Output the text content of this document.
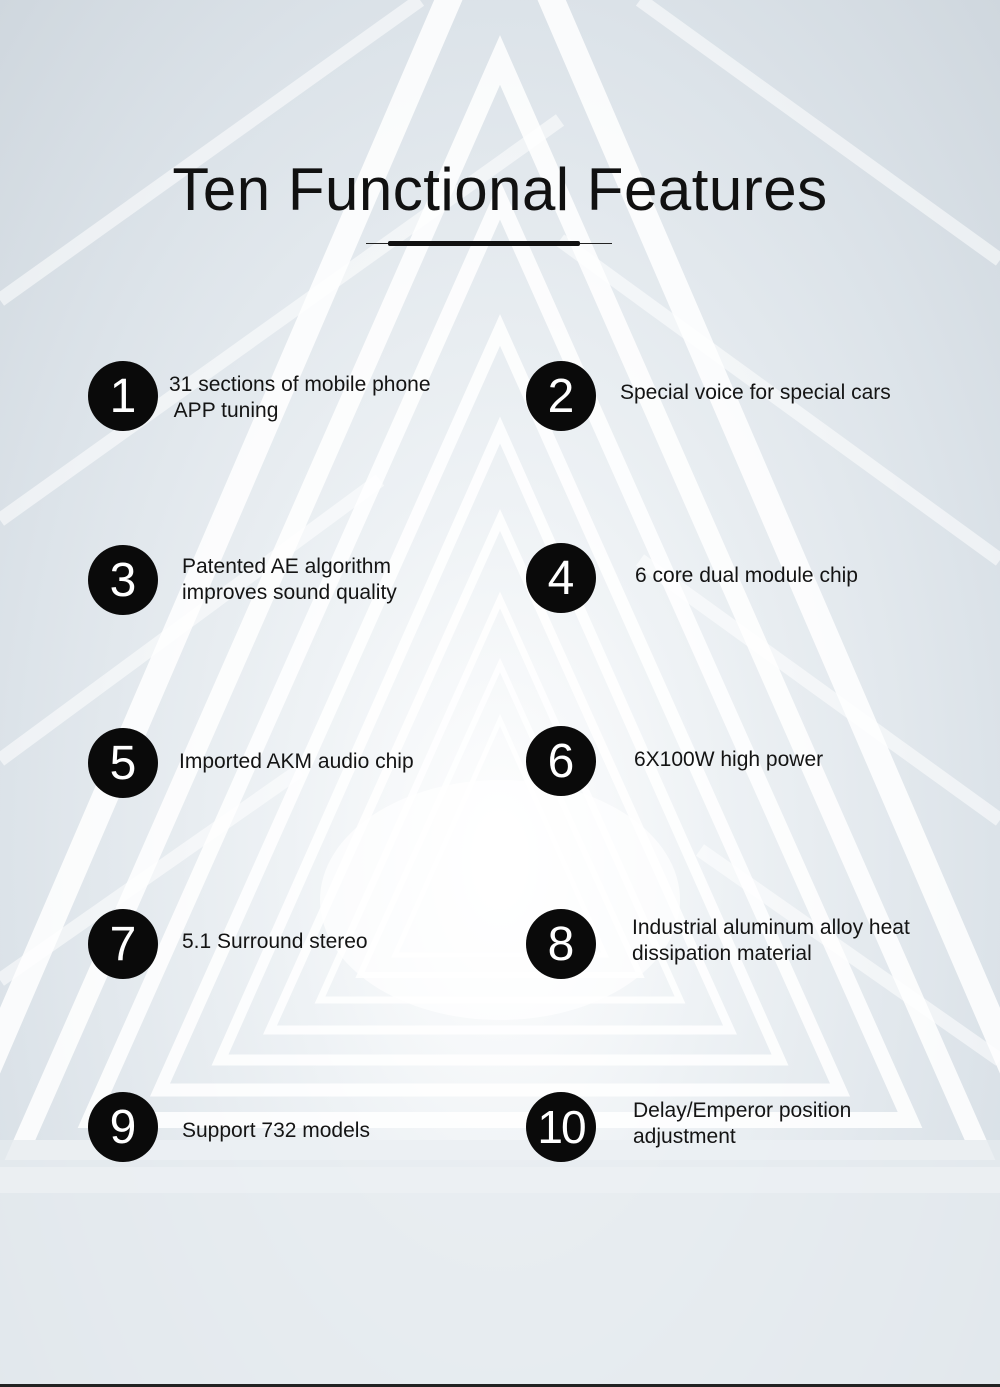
Ten Functional Features
1	31 sections of mobile phone
APP tuning	2	Special voice for special cars
3	Patented AE algorithm
improves sound quality	4	6 core dual module chip
5	Imported AKM audio chip	6	6X100W high power
7	5.1 Surround stereo	8	Industrial aluminum alloy heat
dissipation material
9	Support 732 models	10	Delay/Emperor position
adjustment
